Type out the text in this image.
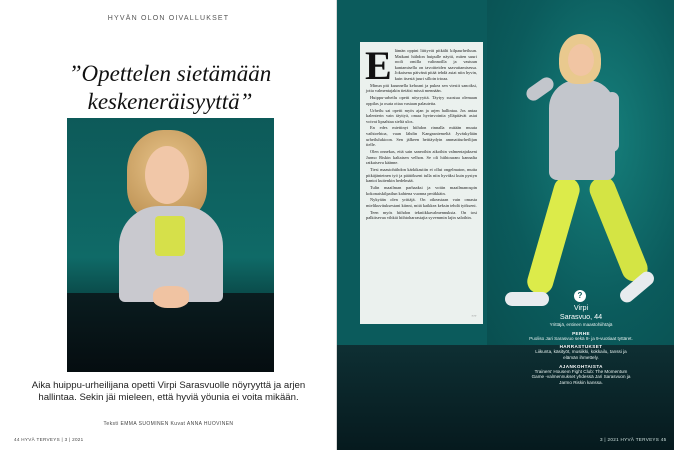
HYVÄN OLON OIVALLUKSET
”Opettelen sietämään
keskeneräisyyttä”
Aika huippu-urheilijana opetti Virpi Sarasvuolle nöyryyttä ja arjen hallintaa. Sekin jäi mieleen, että hyviä yöunia ei voita mikään.
Teksti EMMA SUOMINEN Kuvat ANNA HUOVINEN
44 HYVÄ TERVEYS | 3 | 2021
E lämän oppini liittyvät pitkälti kilpaurheiluun. Matkani hiihdon huipulle näytti, miten suuri rooli omilla valinnoilla ja vastuun kantamisella on tavoitteiden saavuttamisessa. Jokaisena päivänä pitää tehdä asiat niin hyvin, kuin itsestä juuri silloin irtoaa.

Minun piti kuunnella kehoani ja pukea sen viestit sanoiksi, jotta valmentajakin tietäisi missä mennään.

Huippu-urheilu opetti nöyryyttä. Täytyy suostua olemaan oppilas ja osata ottaa vastaan palautetta.

Urheilu sai opetti myös ajan ja arjen hallintaa. Jos antaa kalenterin vain täyttyä, omaa hyvinvointia ylläpitävät asiat voivat lipsahtaa sieltä ulos.

En edes miettinyt hiihdon rinnalla mitään muuta vaihtoehtoa, vaan lähdin Kangasniemeltä Jyväskylään urheilulukioon. Sen jälkeen heittäydyin ammattiurheilijan tielle.

Olen onnekas, että sain saneoihin aikoihin valmentajakseni Jarmo Riskin kaltaisen velhon. Se oli hiihtouranı kannalta ratkaiseva käänne.

Tiesi maastohiihdon kärkikastiin ei ollut ongelmaton, mutta pitkäjänteinen työ ja päätökseni tulla niin hyväksi kuin pystyn kantoi kuitenkin hedelmää.

Tulin maailman parhaaksi ja voitin maailmancupin kokonaiskilpailun kahtena vuonna peräkkäin.

Nykyään olen yrittäjä. On oikeastaan vain omasta mielikuvituksestani kiinni, mitä kaikkea keksin tehdä työkseni.

Teen myös hiihdon tekniikkavalmennuksia. On tosi palkitsevaa vihkiä hiihtoharrastajia syvemmin lajin saloihin.

›››
?
Virpi
Sarasvuo, 44
Yrittäjä, entinen maastohiihtäjä
PERHE
Puoliso Jari Sarasvuo sekä 8- ja 9-vuotiaat tyttäret.
HARRASTUKSET
Liikunta, käsityöt, musiikki, kokkailu, tanssi ja elämän ihmettely.
AJANKOHTAISTA
Trainers' Houseın Fight Club: The Momentum Game -valmennukset yhdessä Jari Sarasvuon ja Jarmo Riskin kanssa.
3 | 2021 HYVÄ TERVEYS 45
